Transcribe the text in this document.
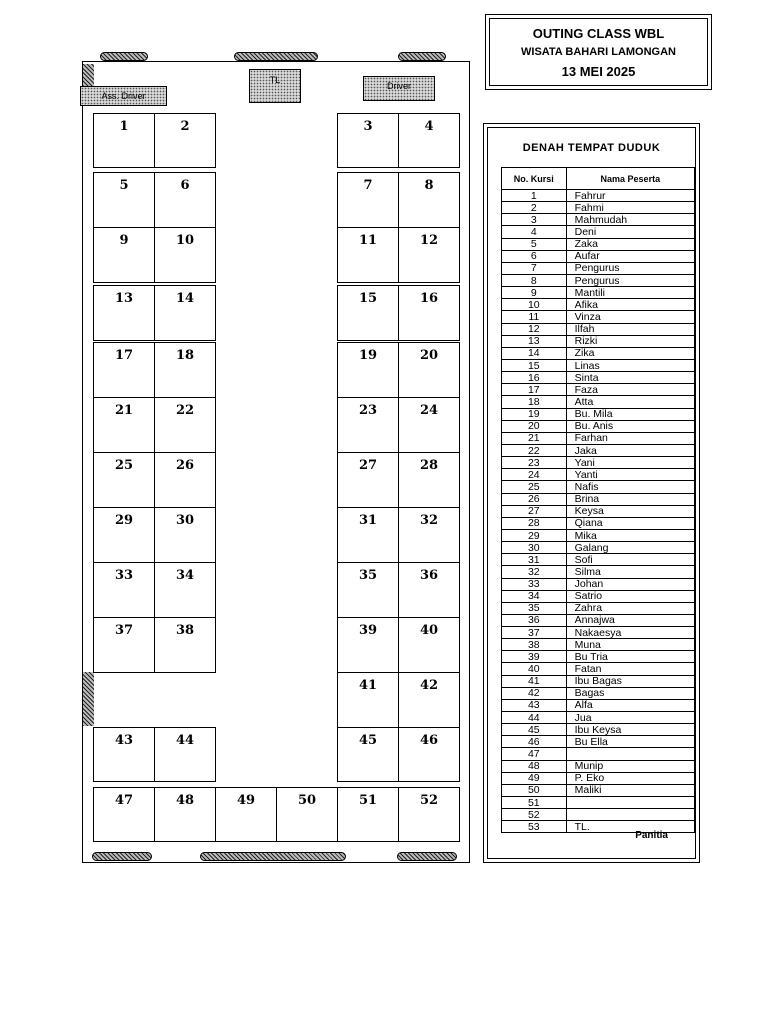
OUTING CLASS WBL
WISATA BAHARI LAMONGAN
13 MEI 2025
Ass. Driver
TL
Driver
1	2	3	4
5	6	7	8
9	10	11	12
13	14	15	16
17	18	19	20
21	22	23	24
25	26	27	28
29	30	31	32
33	34	35	36
37	38	39	40
41	42
43	44	45	46
47	48	49	50	51	52
DENAH TEMPAT DUDUK
No. Kursi	Nama Peserta
1	Fahrur
2	Fahmi
3	Mahmudah
4	Deni
5	Zaka
6	Aufar
7	Pengurus
8	Pengurus
9	Mantili
10	Afika
11	Vinza
12	Ilfah
13	Rizki
14	Zika
15	Linas
16	Sinta
17	Faza
18	Atta
19	Bu. Mila
20	Bu. Anis
21	Farhan
22	Jaka
23	Yani
24	Yanti
25	Nafis
26	Brina
27	Keysa
28	Qiana
29	Mika
30	Galang
31	Sofi
32	Silma
33	Johan
34	Satrio
35	Zahra
36	Annajwa
37	Nakaesya
38	Muna
39	Bu Tria
40	Fatan
41	Ibu Bagas
42	Bagas
43	Alfa
44	Jua
45	Ibu Keysa
46	Bu Ella
47	
48	Munip
49	P. Eko
50	Maliki
51	
52	
53	TL.
Panitia
